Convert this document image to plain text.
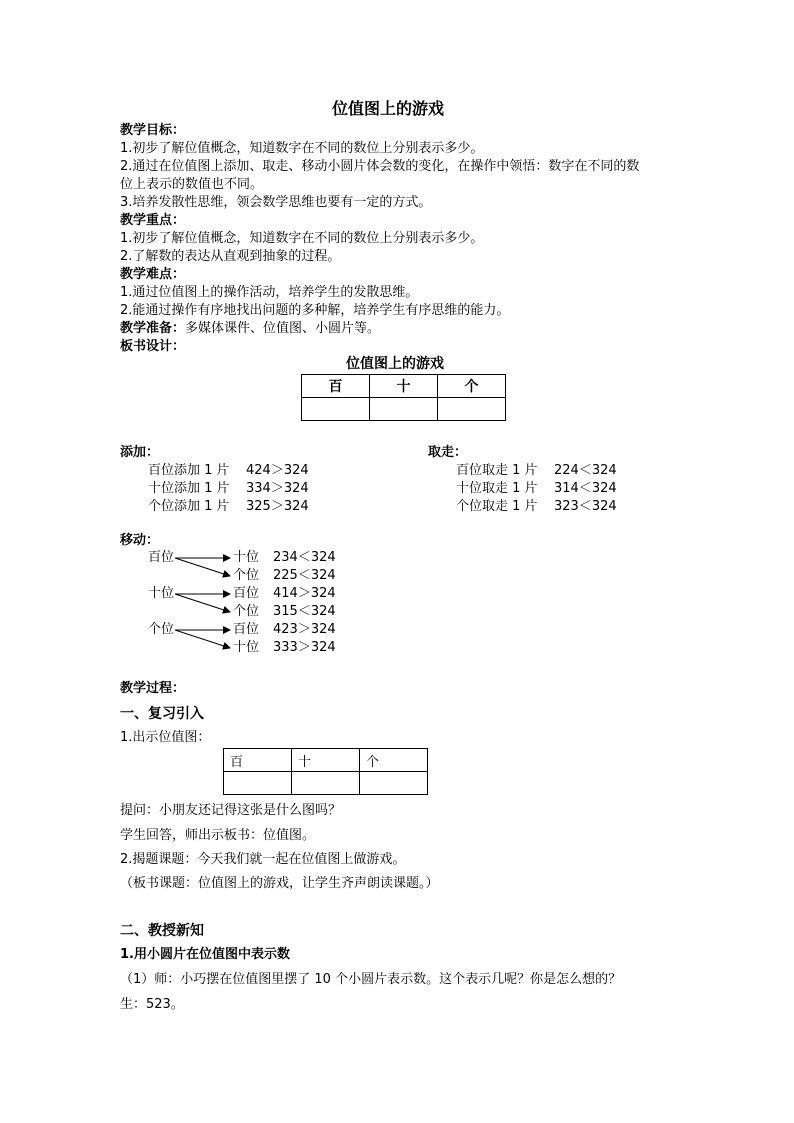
位值图上的游戏
教学目标：
1.初步了解位值概念，知道数字在不同的数位上分别表示多少。
2.通过在位值图上添加、取走、移动小圆片体会数的变化，在操作中领悟：数字在不同的数
位上表示的数值也不同。
3.培养发散性思维，领会数学思维也要有一定的方式。
教学重点：
1.初步了解位值概念，知道数字在不同的数位上分别表示多少。
2.了解数的表达从直观到抽象的过程。
教学难点：
1.通过位值图上的操作活动，培养学生的发散思维。
2.能通过操作有序地找出问题的多种解，培养学生有序思维的能力。
教学准备：多媒体课件、位值图、小圆片等。
板书设计：
位值图上的游戏
百	十	个

添加：
百位添加 1 片 424＞324
十位添加 1 片 334＞324
个位添加 1 片 325＞324
取走：
百位取走 1 片 224＜324
十位取走 1 片 314＜324
个位取走 1 片 323＜324
移动：
百位	十位 234＜324
个位 225＜324
十位	百位 414＞324
个位 315＜324
个位	百位 423＞324
十位 333＞324
教学过程：
一、复习引入
1.出示位值图：
百	十	个

提问：小朋友还记得这张是什么图吗？
学生回答，师出示板书：位值图。
2.揭题课题：今天我们就一起在位值图上做游戏。
（板书课题：位值图上的游戏，让学生齐声朗读课题。）
二、教授新知
1.用小圆片在位值图中表示数
（1）师：小巧摆在位值图里摆了 10 个小圆片表示数。这个表示几呢？你是怎么想的？
生：523。
